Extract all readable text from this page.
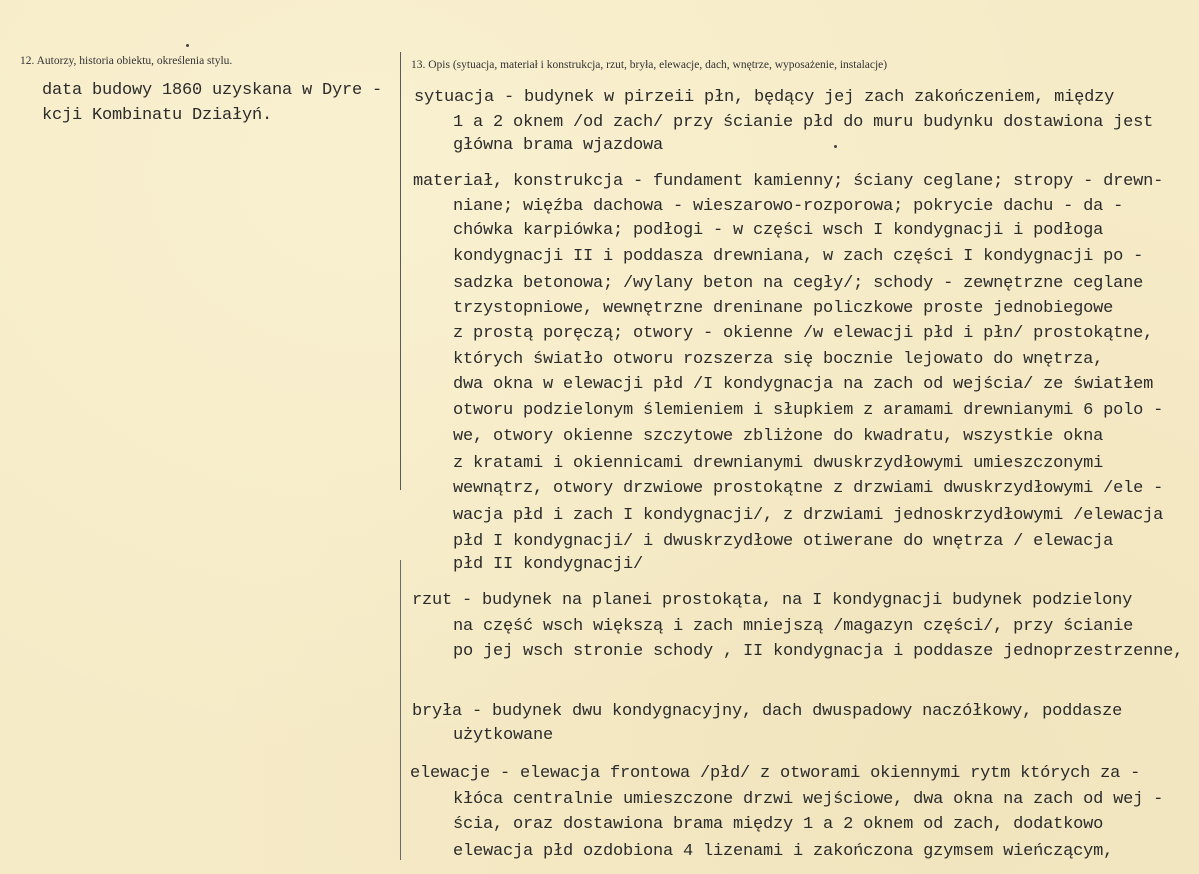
12. Autorzy, historia obiektu, określenia stylu.
data budowy 1860 uzyskana w Dyre -
kcji Kombinatu Działyń.
13. Opis (sytuacja, materiał i konstrukcja, rzut, bryła, elewacje, dach, wnętrze, wyposażenie, instalacje)
sytuacja - budynek w pirzeii płn, będący jej zach zakończeniem, między
1 a 2 oknem /od zach/ przy ścianie płd do muru budynku dostawiona jest
główna brama wjazdowa
materiał, konstrukcja - fundament kamienny; ściany ceglane; stropy - drewn-
niane; więźba dachowa - wieszarowo-rozporowa; pokrycie dachu - da -
chówka karpiówka; podłogi - w części wsch I kondygnacji i podłoga
kondygnacji II i poddasza drewniana, w zach części I kondygnacji po -
sadzka betonowa; /wylany beton na cegły/; schody - zewnętrzne ceglane
trzystopniowe, wewnętrzne dreninane policzkowe proste jednobiegowe
z prostą poręczą; otwory - okienne /w elewacji płd i płn/ prostokątne,
których światło otworu rozszerza się bocznie lejowato do wnętrza,
dwa okna w elewacji płd /I kondygnacja na zach od wejścia/ ze światłem
otworu podzielonym ślemieniem i słupkiem z aramami drewnianymi 6 polo -
we, otwory okienne szczytowe zbliżone do kwadratu, wszystkie okna
z kratami i okiennicami drewnianymi dwuskrzydłowymi umieszczonymi
wewnątrz, otwory drzwiowe prostokątne z drzwiami dwuskrzydłowymi /ele -
wacja płd i zach I kondygnacji/, z drzwiami jednoskrzydłowymi /elewacja
płd I kondygnacji/ i dwuskrzydłowe otiwerane do wnętrza / elewacja
płd II kondygnacji/
rzut - budynek na planei prostokąta, na I kondygnacji budynek podzielony
na część wsch większą i zach mniejszą /magazyn części/, przy ścianie
po jej wsch stronie schody , II kondygnacja i poddasze jednoprzestrzenne,
bryła - budynek dwu kondygnacyjny, dach dwuspadowy naczółkowy, poddasze
użytkowane
elewacje - elewacja frontowa /płd/ z otworami okiennymi rytm których za -
kłóca centralnie umieszczone drzwi wejściowe, dwa okna na zach od wej -
ścia, oraz dostawiona brama między 1 a 2 oknem od zach, dodatkowo
elewacja płd ozdobiona 4 lizenami i zakończona gzymsem wieńczącym,
